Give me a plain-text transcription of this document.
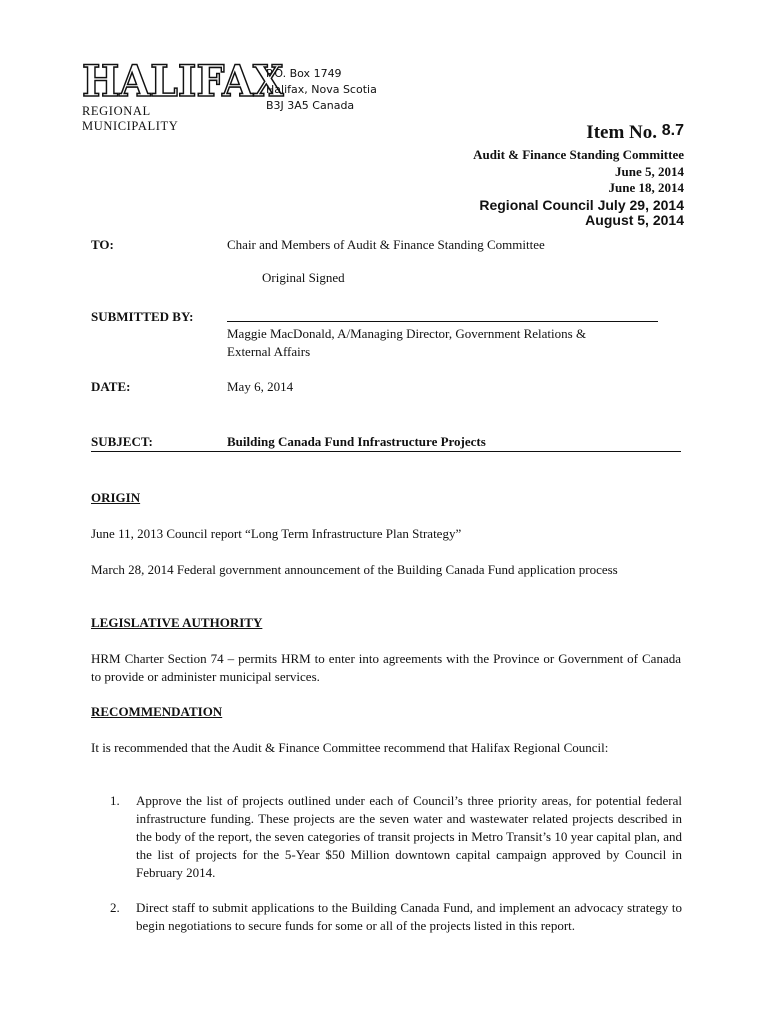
HALIFAX
REGIONAL MUNICIPALITY
P.O. Box 1749
Halifax, Nova Scotia
B3J 3A5 Canada
Item No. 8.7
Audit & Finance Standing Committee
June 5, 2014
June 18, 2014
Regional Council July 29, 2014
August 5, 2014
TO:	Chair and Members of Audit & Finance Standing Committee
Original Signed
SUBMITTED BY:
Maggie MacDonald, A/Managing Director, Government Relations &
External Affairs
DATE:	May 6, 2014
SUBJECT:	Building Canada Fund Infrastructure Projects
ORIGIN
June 11, 2013 Council report “Long Term Infrastructure Plan Strategy”
March 28, 2014 Federal government announcement of the Building Canada Fund application process
LEGISLATIVE AUTHORITY
HRM Charter Section 74 – permits HRM to enter into agreements with the Province or Government of Canada to provide or administer municipal services.
RECOMMENDATION
It is recommended that the Audit & Finance Committee recommend that Halifax Regional Council:
1. Approve the list of projects outlined under each of Council’s three priority areas, for potential federal infrastructure funding. These projects are the seven water and wastewater related projects described in the body of the report, the seven categories of transit projects in Metro Transit’s 10 year capital plan, and the list of projects for the 5-Year $50 Million downtown capital campaign approved by Council in February 2014.
2. Direct staff to submit applications to the Building Canada Fund, and implement an advocacy strategy to begin negotiations to secure funds for some or all of the projects listed in this report.
